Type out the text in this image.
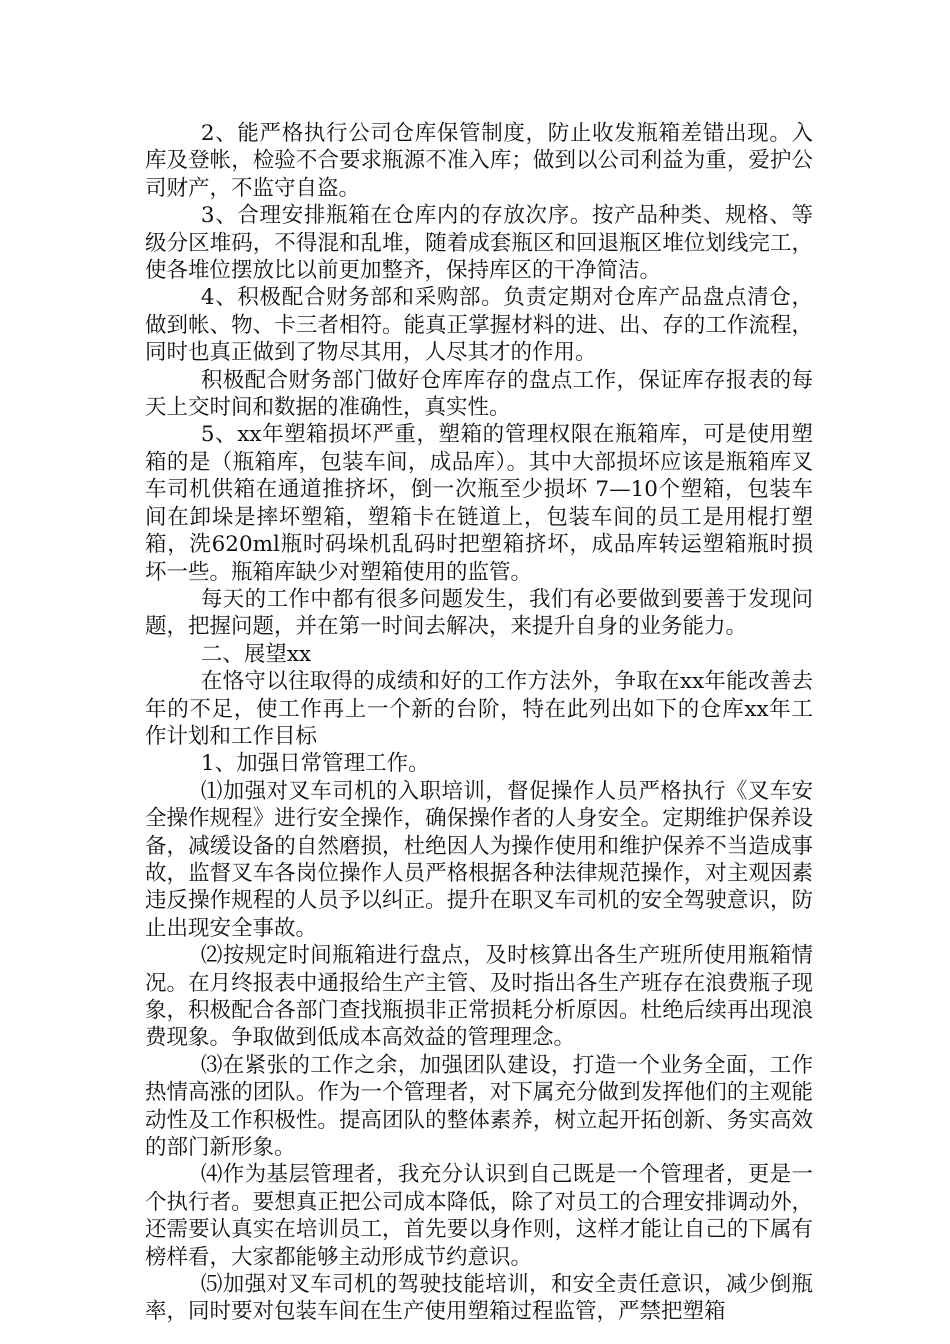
2、能严格执行公司仓库保管制度，防止收发瓶箱差错出现。入库及登帐，检验不合要求瓶源不准入库；做到以公司利益为重，爱护公司财产，不监守自盗。

3、合理安排瓶箱在仓库内的存放次序。按产品种类、规格、等级分区堆码，不得混和乱堆，随着成套瓶区和回退瓶区堆位划线完工，使各堆位摆放比以前更加整齐，保持库区的干净简洁。

4、积极配合财务部和采购部。负责定期对仓库产品盘点清仓，做到帐、物、卡三者相符。能真正掌握材料的进、出、存的工作流程，同时也真正做到了物尽其用，人尽其才的作用。

积极配合财务部门做好仓库库存的盘点工作，保证库存报表的每天上交时间和数据的准确性，真实性。

5、xx年塑箱损坏严重，塑箱的管理权限在瓶箱库，可是使用塑箱的是（瓶箱库，包装车间，成品库）。其中大部损坏应该是瓶箱库叉车司机供箱在通道推挤坏，倒一次瓶至少损坏 7—10个塑箱，包装车间在卸垛是摔坏塑箱，塑箱卡在链道上，包装车间的员工是用棍打塑箱，洗620ml瓶时码垛机乱码时把塑箱挤坏，成品库转运塑箱瓶时损坏一些。瓶箱库缺少对塑箱使用的监管。

每天的工作中都有很多问题发生，我们有必要做到要善于发现问题，把握问题，并在第一时间去解决，来提升自身的业务能力。

二、展望xx

在恪守以往取得的成绩和好的工作方法外，争取在xx年能改善去年的不足，使工作再上一个新的台阶，特在此列出如下的仓库xx年工作计划和工作目标

1、加强日常管理工作。

⑴加强对叉车司机的入职培训，督促操作人员严格执行《叉车安全操作规程》进行安全操作，确保操作者的人身安全。定期维护保养设备，减缓设备的自然磨损，杜绝因人为操作使用和维护保养不当造成事故，监督叉车各岗位操作人员严格根据各种法律规范操作，对主观因素违反操作规程的人员予以纠正。提升在职叉车司机的安全驾驶意识，防止出现安全事故。

⑵按规定时间瓶箱进行盘点，及时核算出各生产班所使用瓶箱情况。在月终报表中通报给生产主管、及时指出各生产班存在浪费瓶子现象，积极配合各部门查找瓶损非正常损耗分析原因。杜绝后续再出现浪费现象。争取做到低成本高效益的管理理念。

⑶在紧张的工作之余，加强团队建设，打造一个业务全面，工作热情高涨的团队。作为一个管理者，对下属充分做到发挥他们的主观能动性及工作积极性。提高团队的整体素养，树立起开拓创新、务实高效的部门新形象。

⑷作为基层管理者，我充分认识到自己既是一个管理者，更是一个执行者。要想真正把公司成本降低，除了对员工的合理安排调动外，还需要认真实在培训员工，首先要以身作则，这样才能让自己的下属有榜样看，大家都能够主动形成节约意识。

⑸加强对叉车司机的驾驶技能培训，和安全责任意识，减少倒瓶率，同时要对包装车间在生产使用塑箱过程监管，严禁把塑箱
